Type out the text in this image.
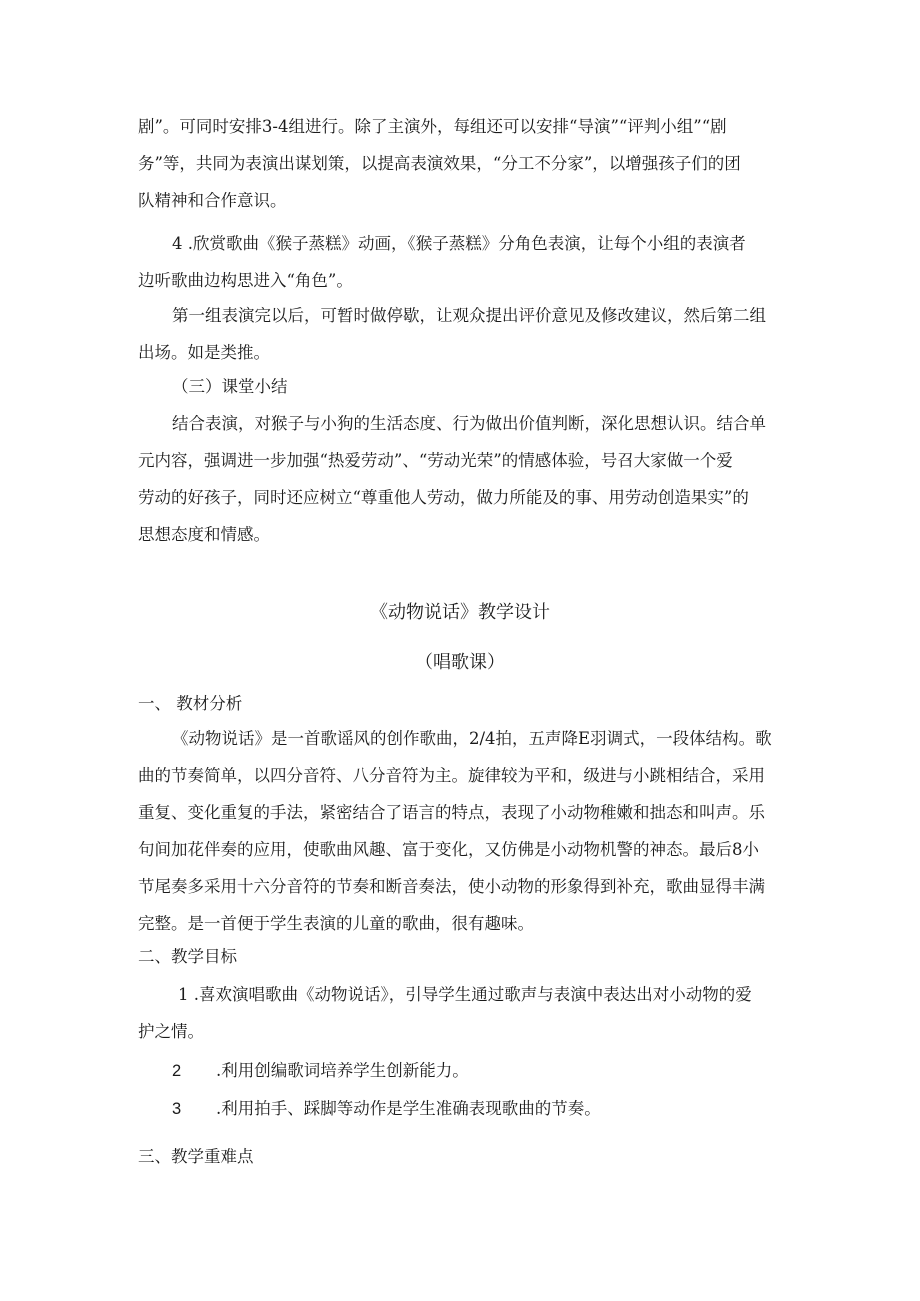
剧”。可同时安排3-4组进行。除了主演外，每组还可以安排“导演”“评判小组”“剧
务”等，共同为表演出谋划策，以提高表演效果，“分工不分家”，以增强孩子们的团
队精神和合作意识。
4 .欣赏歌曲《猴子蒸糕》动画，《猴子蒸糕》分角色表演，让每个小组的表演者
边听歌曲边构思进入“角色”。
第一组表演完以后，可暂时做停歇，让观众提出评价意见及修改建议，然后第二组
出场。如是类推。
（三）课堂小结
结合表演，对猴子与小狗的生活态度、行为做出价值判断，深化思想认识。结合单
元内容，强调进一步加强“热爱劳动”、“劳动光荣”的情感体验，号召大家做一个爱
劳动的好孩子，同时还应树立“尊重他人劳动，做力所能及的事、用劳动创造果实”的
思想态度和情感。
《动物说话》教学设计
（唱歌课）
一、 教材分析
《动物说话》是一首歌谣风的创作歌曲，2/4拍，五声降E羽调式，一段体结构。歌
曲的节奏简单，以四分音符、八分音符为主。旋律较为平和，级进与小跳相结合，采用
重复、变化重复的手法，紧密结合了语言的特点，表现了小动物稚嫩和拙态和叫声。乐
句间加花伴奏的应用，使歌曲风趣、富于变化，又仿佛是小动物机警的神态。最后8小
节尾奏多采用十六分音符的节奏和断音奏法，使小动物的形象得到补充，歌曲显得丰满
完整。是一首便于学生表演的儿童的歌曲，很有趣味。
二、教学目标
1 .喜欢演唱歌曲《动物说话》，引导学生通过歌声与表演中表达出对小动物的爱
护之情。
2 .利用创编歌词培养学生创新能力。
3 .利用拍手、踩脚等动作是学生准确表现歌曲的节奏。
三、教学重难点
